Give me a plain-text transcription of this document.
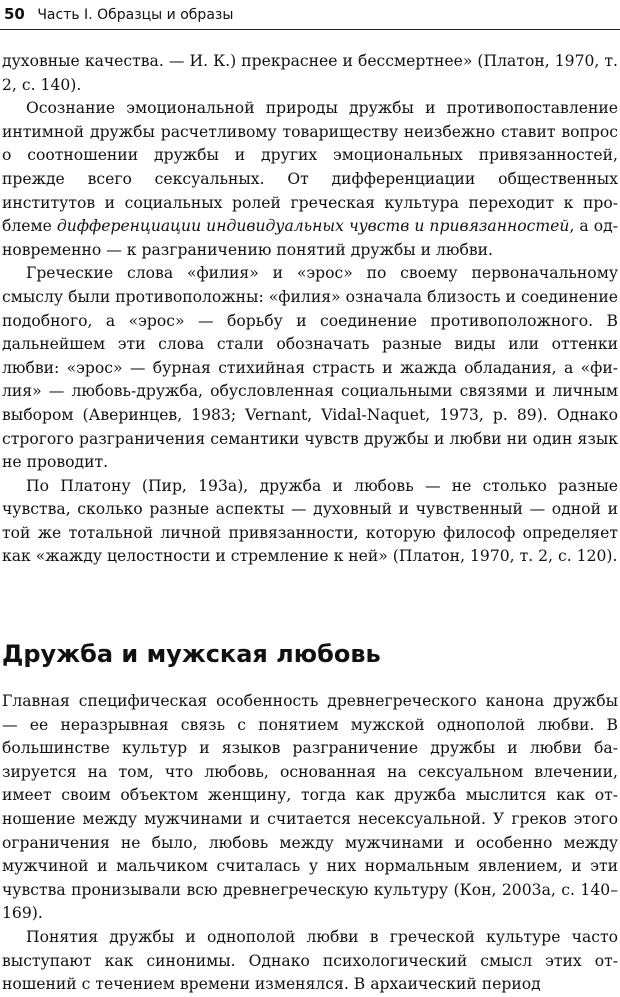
50 Часть I. Образцы и образы

духовные качества. — И. К.) прекраснее и бессмертнее» (Платон, 1970, т. 2, с. 140).

Осознание эмоциональной природы дружбы и противопоставление интимной дружбы расчетливому товариществу неизбежно ставит вопрос о соотношении дружбы и других эмоциональных привязанностей, прежде всего сексуальных. От дифференциации общественных институтов и социальных ролей греческая культура переходит к проблеме дифференциации индивидуальных чувств и привязанностей, а одновременно — к разграничению понятий дружбы и любви.

Греческие слова «филия» и «эрос» по своему первоначальному смыслу были противоположны: «филия» означала близость и соединение подобного, а «эрос» — борьбу и соединение противоположного. В дальнейшем эти слова стали обозначать разные виды или оттенки любви: «эрос» — бурная стихийная страсть и жажда обладания, а «филия» — любовь-дружба, обусловленная социальными связями и личным выбором (Аверинцев, 1983; Vernant, Vidal-Naquet, 1973, p. 89). Однако строгого разграничения семантики чувств дружбы и любви ни один язык не проводит.

По Платону (Пир, 193а), дружба и любовь — не столько разные чувства, сколько разные аспекты — духовный и чувственный — одной и той же тотальной личной привязанности, которую философ определяет как «жажду целостности и стремление к ней» (Платон, 1970, т. 2, с. 120).

Дружба и мужская любовь

Главная специфическая особенность древнегреческого канона дружбы — ее неразрывная связь с понятием мужской однополой любви. В большинстве культур и языков разграничение дружбы и любви базируется на том, что любовь, основанная на сексуальном влечении, имеет своим объектом женщину, тогда как дружба мыслится как отношение между мужчинами и считается несексуальной. У греков этого ограничения не было, любовь между мужчинами и особенно между мужчиной и мальчиком считалась у них нормальным явлением, и эти чувства пронизывали всю древнегреческую культуру (Кон, 2003а, с. 140–169).

Понятия дружбы и однополой любви в греческой культуре часто выступают как синонимы. Однако психологический смысл этих отношений с течением времени изменялся. В архаический период
